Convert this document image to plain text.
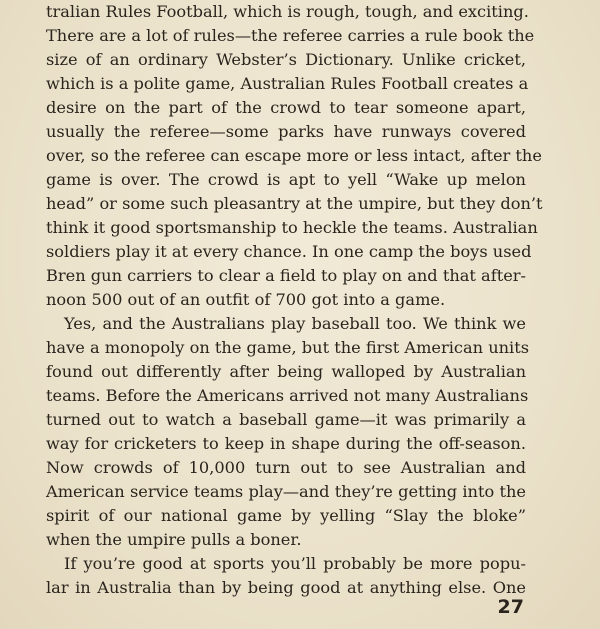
tralian Rules Football, which is rough, tough, and exciting.
There are a lot of rules—the referee carries a rule book the
size of an ordinary Webster’s Dictionary. Unlike cricket,
which is a polite game, Australian Rules Football creates a
desire on the part of the crowd to tear someone apart,
usually the referee—some parks have runways covered
over, so the referee can escape more or less intact, after the
game is over. The crowd is apt to yell “Wake up melon
head” or some such pleasantry at the umpire, but they don’t
think it good sportsmanship to heckle the teams. Australian
soldiers play it at every chance. In one camp the boys used
Bren gun carriers to clear a field to play on and that after-
noon 500 out of an outfit of 700 got into a game.
Yes, and the Australians play baseball too. We think we
have a monopoly on the game, but the first American units
found out differently after being walloped by Australian
teams. Before the Americans arrived not many Australians
turned out to watch a baseball game—it was primarily a
way for cricketers to keep in shape during the off-season.
Now crowds of 10,000 turn out to see Australian and
American service teams play—and they’re getting into the
spirit of our national game by yelling “Slay the bloke”
when the umpire pulls a boner.
If you’re good at sports you’ll probably be more popu-
lar in Australia than by being good at anything else. One
27
